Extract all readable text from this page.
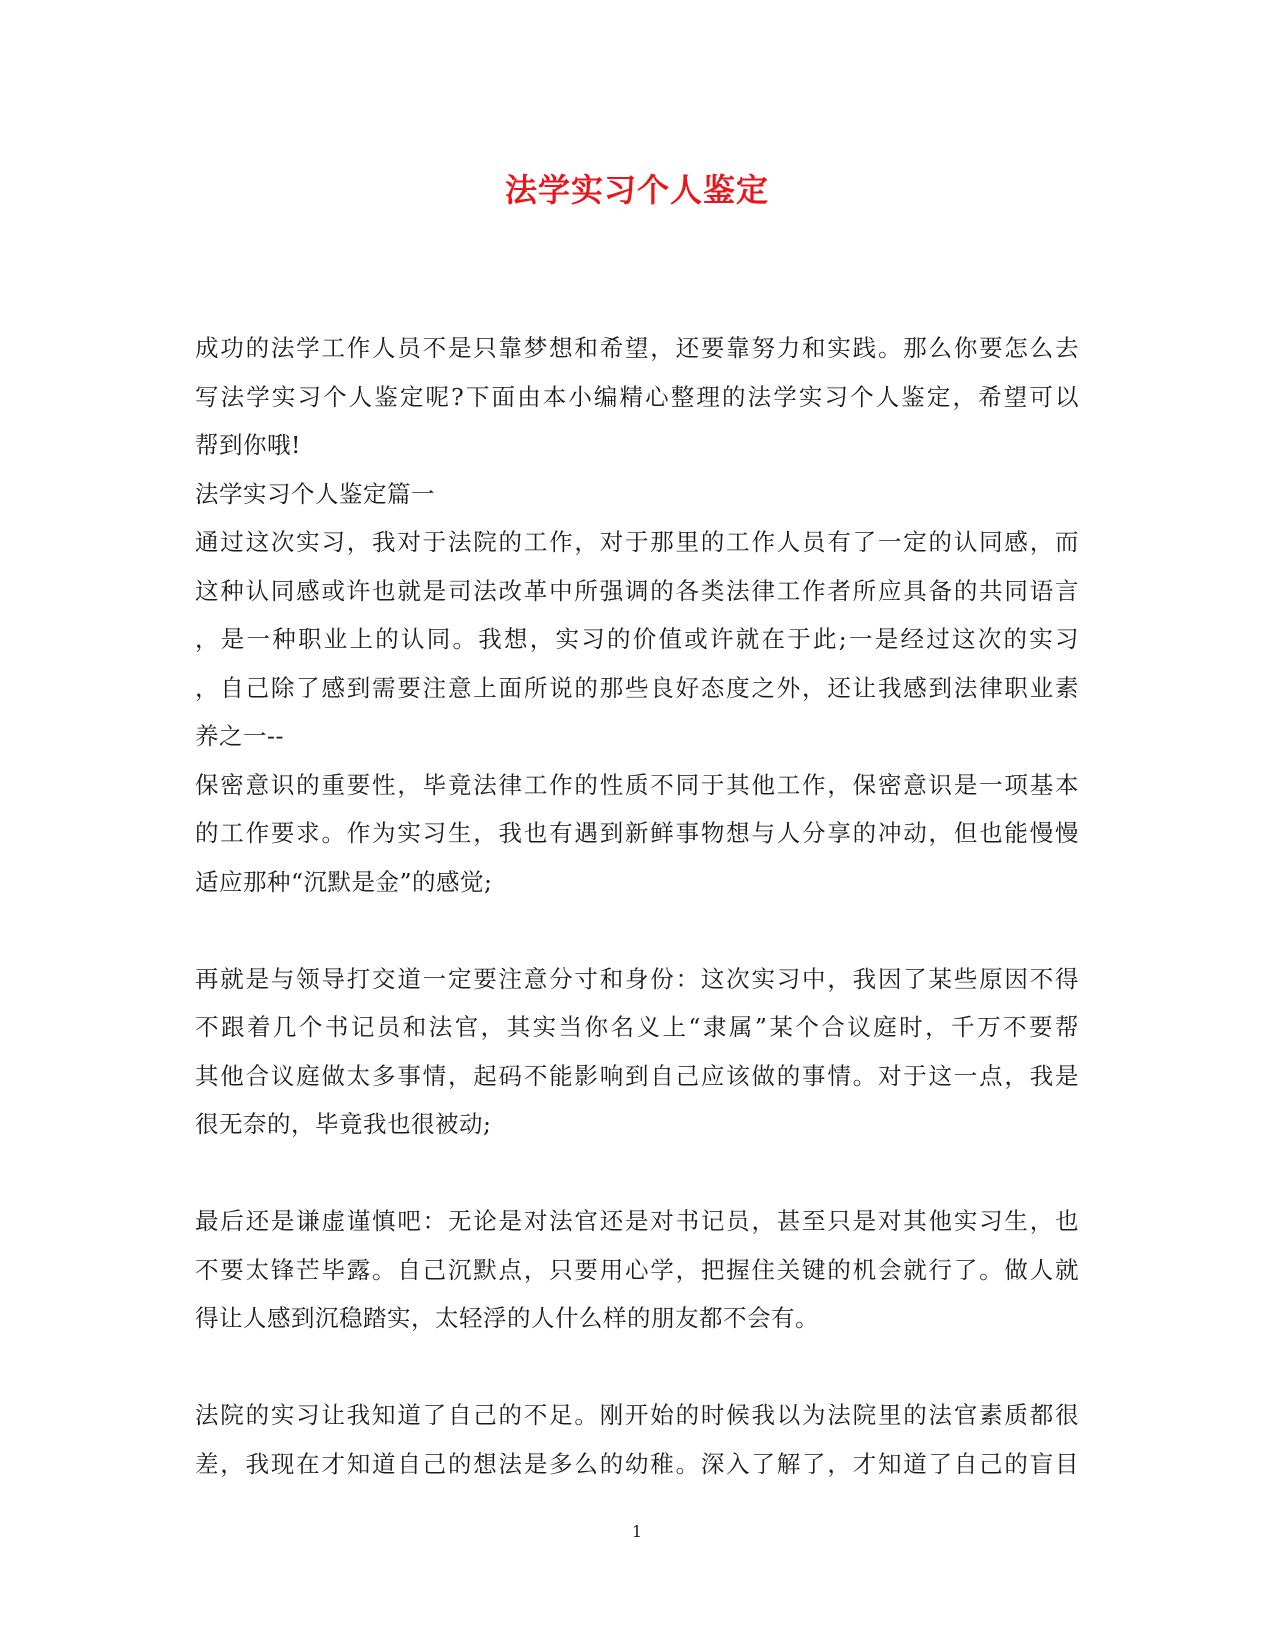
法学实习个人鉴定
成功的法学工作人员不是只靠梦想和希望，还要靠努力和实践。那么你要怎么去
写法学实习个人鉴定呢?下面由本小编精心整理的法学实习个人鉴定，希望可以
帮到你哦!
法学实习个人鉴定篇一
通过这次实习，我对于法院的工作，对于那里的工作人员有了一定的认同感，而
这种认同感或许也就是司法改革中所强调的各类法律工作者所应具备的共同语言
，是一种职业上的认同。我想，实习的价值或许就在于此;一是经过这次的实习
，自己除了感到需要注意上面所说的那些良好态度之外，还让我感到法律职业素
养之一--
保密意识的重要性，毕竟法律工作的性质不同于其他工作，保密意识是一项基本
的工作要求。作为实习生，我也有遇到新鲜事物想与人分享的冲动，但也能慢慢
适应那种“沉默是金”的感觉;
再就是与领导打交道一定要注意分寸和身份：这次实习中，我因了某些原因不得
不跟着几个书记员和法官，其实当你名义上“隶属”某个合议庭时，千万不要帮
其他合议庭做太多事情，起码不能影响到自己应该做的事情。对于这一点，我是
很无奈的，毕竟我也很被动;
最后还是谦虚谨慎吧：无论是对法官还是对书记员，甚至只是对其他实习生，也
不要太锋芒毕露。自己沉默点，只要用心学，把握住关键的机会就行了。做人就
得让人感到沉稳踏实，太轻浮的人什么样的朋友都不会有。
法院的实习让我知道了自己的不足。刚开始的时候我以为法院里的法官素质都很
差，我现在才知道自己的想法是多么的幼稚。深入了解了，才知道了自己的盲目
1
